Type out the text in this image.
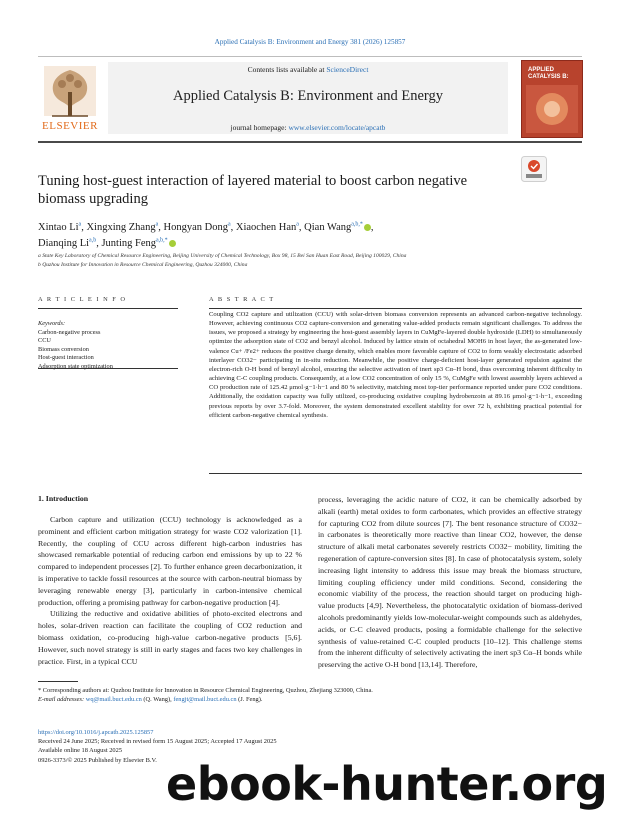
Applied Catalysis B: Environment and Energy 381 (2026) 125857
ELSEVIER
Contents lists available at ScienceDirect
Applied Catalysis B: Environment and Energy
journal homepage: www.elsevier.com/locate/apcatb
APPLIED CATALYSIS B:
Tuning host-guest interaction of layered material to boost carbon negative biomass upgrading
Xintao Li$^a$, Xingxing Zhang$^a$, Hongyan Dong$^a$, Xiaochen Han$^a$, Qian Wang$^{a,b,*}$ ,
Dianqing Li$^{a,b}$, Junting Feng$^{a,b,*}$
a State Key Laboratory of Chemical Resource Engineering, Beijing University of Chemical Technology, Box 98, 15 Bei San Huan East Road, Beijing 100029, China
b Quzhou Institute for Innovation in Resource Chemical Engineering, Quzhou 324000, China
A R T I C L E I N F O	A B S T R A C T
Keywords:
Carbon-negative process
CCU
Biomass conversion
Host-guest interaction
Adsorption state optimization
Coupling CO2 capture and utilization (CCU) with solar-driven biomass conversion represents an advanced carbon-negative technology. However, achieving continuous CO2 capture-conversion and generating value-added products remain significant challenges. To address the issues, we proposed a strategy by engineering the host-guest assembly layers in CuMgFe-layered double hydroxide (LDH) to simultaneously optimize the adsorption state of CO2 and benzyl alcohol. Induced by lattice strain of octahedral MOH6 in host layer, the as-generated low-valence Cu+ /Fe2+ reduces the positive charge density, which enables more favorable capture of CO2 to form weakly electrostatic adsorbed interlayer CO32− participating in in-situ reduction. Meanwhile, the positive charge-deficient host-layer generated repulsion against the electron-rich O-H bond of benzyl alcohol, ensuring the selective activation of inert sp3 Cα–H bond, thus overcoming inherent difficulty in achieving C-C coupling products. Consequently, at a low CO2 concentration of only 15 %, CuMgFe with lowest assembly layers achieved a CO production rate of 125.42 μmol·g−1·h−1 and 80 % selectivity, matching most top-tier performance reported under pure CO2 conditions. Additionally, the oxidation capacity was fully utilized, co-producing oxidative coupling hydrobenzoin at 89.16 μmol·g−1·h−1, exceeding previous reports by over 3.7-fold. Moreover, the system demonstrated excellent stability for over 72 h, exhibiting practical potential for efficient carbon-negative chemical synthesis.
1. Introduction

Carbon capture and utilization (CCU) technology is acknowledged as a prominent and efficient carbon mitigation strategy for waste CO2 valorization [1]. Recently, the coupling of CCU across different high-carbon industries has showcased remarkable potential of reducing carbon end emissions by up to 22 % compared to independent processes [2]. To further enhance green decarbonization, it is imperative to tackle fossil resources at the source with carbon-neutral biomass by leveraging renewable energy [3], particularly in carbon-intensive chemical production, offering a promising pathway for carbon-negative production [4].

Utilizing the reductive and oxidative abilities of photo-excited electrons and holes, solar-driven reaction can facilitate the coupling of CO2 reduction and biomass oxidation, co-producing high-value carbon-negative products [5,6]. However, such novel strategy is still in early stages and faces two key challenges in practice. First, in a typical CCU

process, leveraging the acidic nature of CO2, it can be chemically adsorbed by alkali (earth) metal oxides to form carbonates, which provides an effective strategy for capturing CO2 from dilute sources [7]. The bent resonance structure of CO32− in carbonates is theoretically more reactive than linear CO2, however, the dense structure of alkali metal carbonates severely restricts CO32− mobility, limiting the regeneration of capture-conversion sites [8]. In case of photocatalysis system, solely increasing light intensity to address this issue may break the biomass structure, limiting coupling efficiency under mild conditions. Second, considering the economic viability of the process, the reaction should target on producing high-value products [4,9]. Nevertheless, the photocatalytic oxidation of biomass-derived alcohols predominantly yields low-molecular-weight compounds such as aldehydes, acids, or C-C cleaved products, posing a formidable challenge for the selective synthesis of value-retained C-C coupled products [10–12]. This challenge stems from the inherent difficulty of selectively activating the inert sp3 Cα–H bonds while preserving the active O-H bond [13,14]. Therefore,

* Corresponding authors at: Quzhou Institute for Innovation in Resource Chemical Engineering, Quzhou, Zhejiang 323000, China.
E-mail addresses: wq@mail.buct.edu.cn (Q. Wang), fengjt@mail.buct.edu.cn (J. Feng).
https://doi.org/10.1016/j.apcatb.2025.125857
Received 24 June 2025; Received in revised form 15 August 2025; Accepted 17 August 2025
Available online 18 August 2025
0926-3373/© 2025 Published by Elsevier B.V. ebook-hunter.org
